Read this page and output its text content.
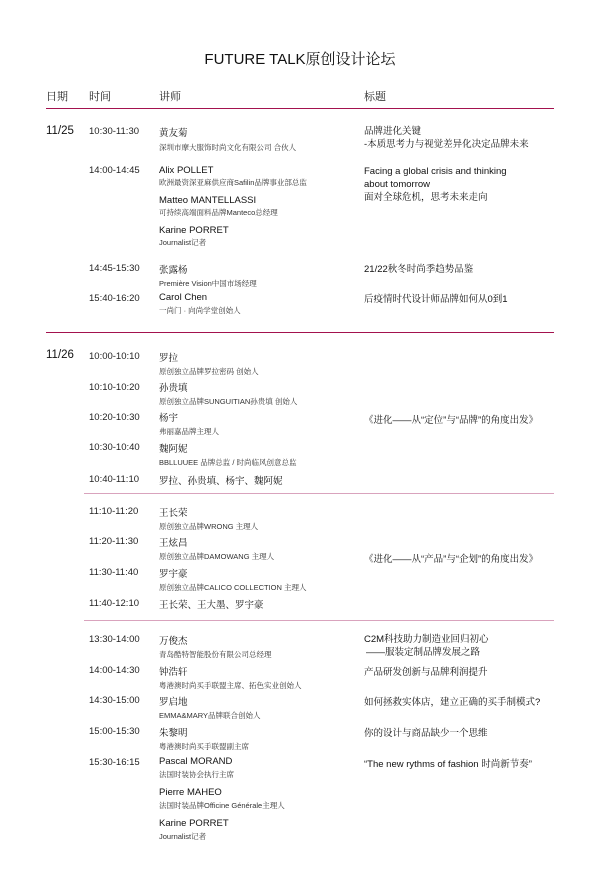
FUTURE TALK原创设计论坛
日期 时间	讲师	标题
11/25 10:30-11:30
14:00-14:45
14:45-15:30
15:40-16:20
黄友菊
深圳市摩大服饰时尚文化有限公司 合伙人
Alix POLLET
欧洲最资深亚麻供应商Safilin品牌事业部总监
Matteo MANTELLASSI
可持续高端面料品牌Manteco总经理
Karine PORRET
Journalist记者
张露杨
Première Vision中国市场经理
Carol Chen
一尚门 · 向尚学堂创始人
品牌进化关键
-本质思考力与视觉差异化决定品牌未来
Facing a global crisis and thinking
about tomorrow
面对全球危机，思考未来走向
21/22秋冬时尚季趋势品鉴
后疫情时代设计师品牌如何从0到1
11/26 10:00-10:10
10:10-10:20
10:20-10:30
10:30-10:40
10:40-11:10
罗拉
原创独立品牌罗拉密码 创始人
孙贵填
原创独立品牌SUNGUITIAN孙贵填 创始人
杨宇
弗丽嘉品牌主理人
魏阿妮
BBLLUUEE 品牌总监 / 时尚临风创意总监
罗拉、孙贵填、杨宇、魏阿妮
《进化——从“定位”与“品牌”的角度出发》
11:10-11:20
11:20-11:30
11:30-11:40
11:40-12:10
王长荣
原创独立品牌WRONG 主理人
王炫昌
原创独立品牌DAMOWANG 主理人
罗宇豪
原创独立品牌CALICO COLLECTION 主理人
王长荣、王大墨、罗宇豪
《进化——从“产品”与“企划”的角度出发》
13:30-14:00
14:00-14:30
14:30-15:00
15:00-15:30
15:30-16:15
万俊杰
青岛酷特智能股份有限公司总经理
钟浩轩
粤港澳时尚买手联盟主席、拓色实业创始人
罗启地
EMMA&MARY品牌联合创始人
朱黎明
粤港澳时尚买手联盟副主席
Pascal MORAND
法国时装协会执行主席
Pierre MAHEO
法国时装品牌Officine Générale主理人
Karine PORRET
Journalist记者
C2M科技助力制造业回归初心
——服装定制品牌发展之路
产品研发创新与品牌利润提升
如何拯救实体店，建立正确的买手制模式?
你的设计与商品缺少一个思维
“The new rythms of fashion 时尚新节奏”
